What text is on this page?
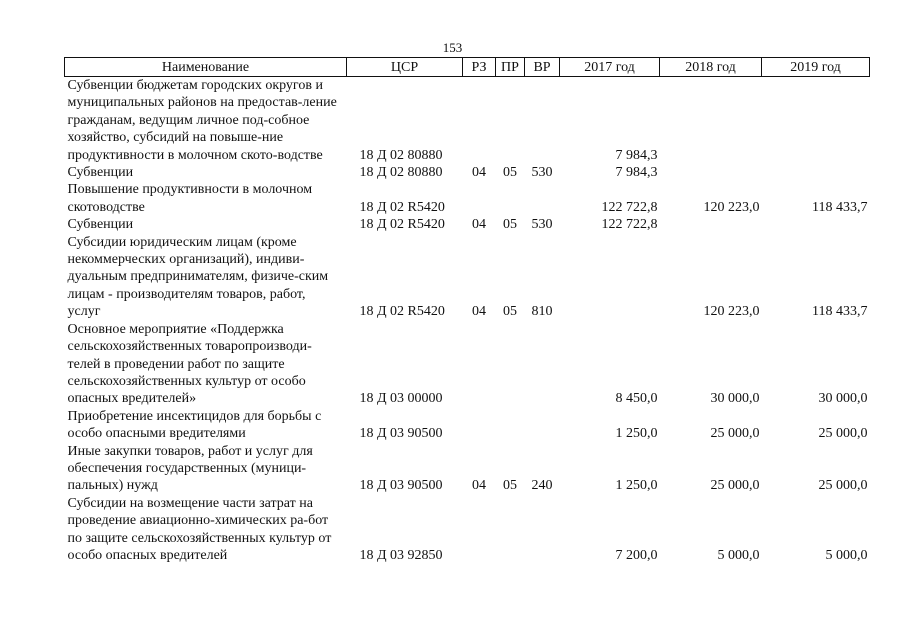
153
Наименование	ЦСР	РЗ	ПР	ВР	2017 год	2018 год	2019 год
Субвенции бюджетам городских округов и муниципальных районов на предостав-ление гражданам, ведущим личное под-собное хозяйство, субсидий на повыше-ние продуктивности в молочном ското-водстве	18 Д 02 80880				7 984,3		
Субвенции	18 Д 02 80880	04	05	530	7 984,3		
Повышение продуктивности в молочном скотоводстве	18 Д 02 R5420				122 722,8	120 223,0	118 433,7
Субвенции	18 Д 02 R5420	04	05	530	122 722,8		
Субсидии юридическим лицам (кроме некоммерческих организаций), индиви-дуальным предпринимателям, физиче-ским лицам - производителям товаров, работ, услуг	18 Д 02 R5420	04	05	810		120 223,0	118 433,7
Основное мероприятие «Поддержка сельскохозяйственных товаропроизводи-телей в проведении работ по защите сельскохозяйственных культур от особо опасных вредителей»	18 Д 03 00000				8 450,0	30 000,0	30 000,0
Приобретение инсектицидов для борьбы с особо опасными вредителями	18 Д 03 90500				1 250,0	25 000,0	25 000,0
Иные закупки товаров, работ и услуг для обеспечения государственных (муници-пальных) нужд	18 Д 03 90500	04	05	240	1 250,0	25 000,0	25 000,0
Субсидии на возмещение части затрат на проведение авиационно-химических ра-бот по защите сельскохозяйственных культур от особо опасных вредителей	18 Д 03 92850				7 200,0	5 000,0	5 000,0
